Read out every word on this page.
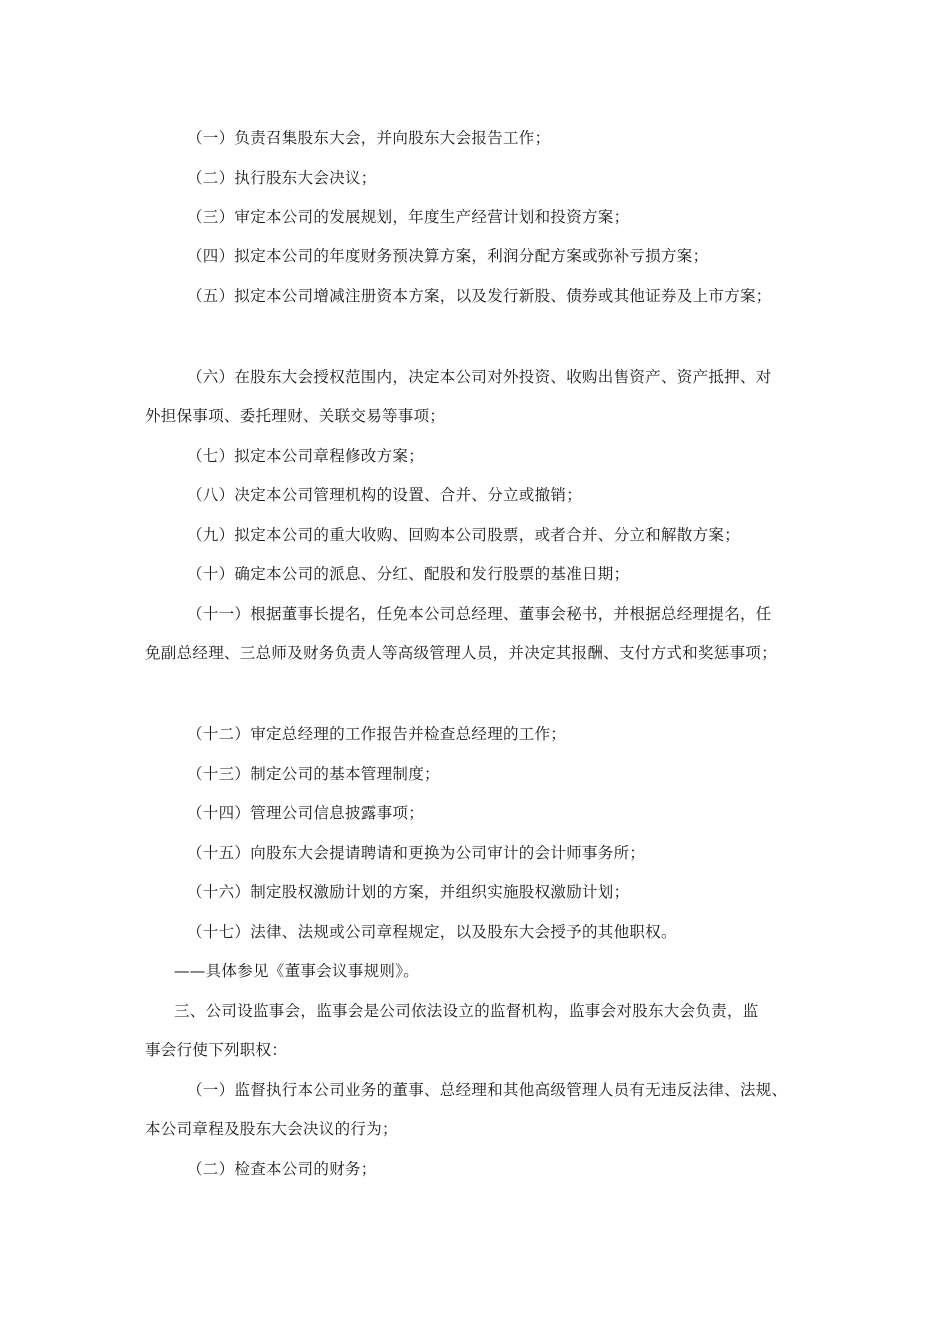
（一）负责召集股东大会，并向股东大会报告工作；
（二）执行股东大会决议；
（三）审定本公司的发展规划，年度生产经营计划和投资方案；
（四）拟定本公司的年度财务预决算方案，利润分配方案或弥补亏损方案；
（五）拟定本公司增减注册资本方案，以及发行新股、债券或其他证券及上市方案；
（六）在股东大会授权范围内，决定本公司对外投资、收购出售资产、资产抵押、对
外担保事项、委托理财、关联交易等事项；
（七）拟定本公司章程修改方案；
（八）决定本公司管理机构的设置、合并、分立或撤销；
（九）拟定本公司的重大收购、回购本公司股票，或者合并、分立和解散方案；
（十）确定本公司的派息、分红、配股和发行股票的基准日期；
（十一）根据董事长提名，任免本公司总经理、董事会秘书，并根据总经理提名，任
免副总经理、三总师及财务负责人等高级管理人员，并决定其报酬、支付方式和奖惩事项；
（十二）审定总经理的工作报告并检查总经理的工作；
（十三）制定公司的基本管理制度；
（十四）管理公司信息披露事项；
（十五）向股东大会提请聘请和更换为公司审计的会计师事务所；
（十六）制定股权激励计划的方案，并组织实施股权激励计划；
（十七）法律、法规或公司章程规定，以及股东大会授予的其他职权。
——具体参见《董事会议事规则》。
三、公司设监事会，监事会是公司依法设立的监督机构，监事会对股东大会负责，监
事会行使下列职权：
（一）监督执行本公司业务的董事、总经理和其他高级管理人员有无违反法律、法规、
本公司章程及股东大会决议的行为；
（二）检查本公司的财务；
